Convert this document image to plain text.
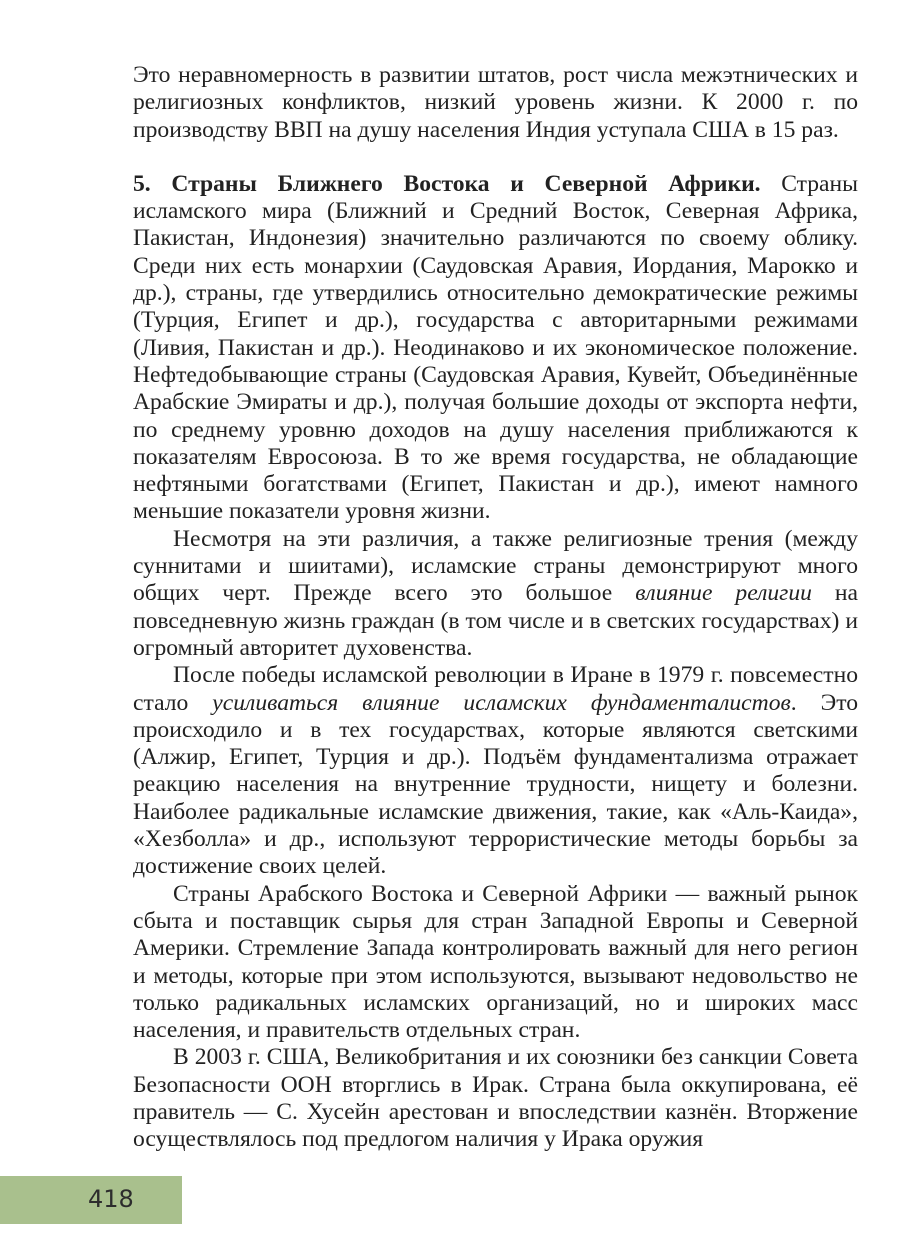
Это неравномерность в развитии штатов, рост числа межэтнических и религиозных конфликтов, низкий уровень жизни. К 2000 г. по производству ВВП на душу населения Индия уступала США в 15 раз.

5. Страны Ближнего Востока и Северной Африки. Страны исламского мира (Ближний и Средний Восток, Северная Африка, Пакистан, Индонезия) значительно различаются по своему облику. Среди них есть монархии (Саудовская Аравия, Иордания, Марокко и др.), страны, где утвердились относительно демократические режимы (Турция, Египет и др.), государства с авторитарными режимами (Ливия, Пакистан и др.). Неодинаково и их экономическое положение. Нефтедобывающие страны (Саудовская Аравия, Кувейт, Объединённые Арабские Эмираты и др.), получая большие доходы от экспорта нефти, по среднему уровню доходов на душу населения приближаются к показателям Евросоюза. В то же время государства, не обладающие нефтяными богатствами (Египет, Пакистан и др.), имеют намного меньшие показатели уровня жизни.

Несмотря на эти различия, а также религиозные трения (между суннитами и шиитами), исламские страны демонстрируют много общих черт. Прежде всего это большое влияние религии на повседневную жизнь граждан (в том числе и в светских государствах) и огромный авторитет духовенства.

После победы исламской революции в Иране в 1979 г. повсеместно стало усиливаться влияние исламских фундаменталистов. Это происходило и в тех государствах, которые являются светскими (Алжир, Египет, Турция и др.). Подъём фундаментализма отражает реакцию населения на внутренние трудности, нищету и болезни. Наиболее радикальные исламские движения, такие, как «Аль-Каида», «Хезболла» и др., используют террористические методы борьбы за достижение своих целей.

Страны Арабского Востока и Северной Африки — важный рынок сбыта и поставщик сырья для стран Западной Европы и Северной Америки. Стремление Запада контролировать важный для него регион и методы, которые при этом используются, вызывают недовольство не только радикальных исламских организаций, но и широких масс населения, и правительств отдельных стран.

В 2003 г. США, Великобритания и их союзники без санкции Совета Безопасности ООН вторглись в Ирак. Страна была оккупирована, её правитель — С. Хусейн арестован и впоследствии казнён. Вторжение осуществлялось под предлогом наличия у Ирака оружия

418
